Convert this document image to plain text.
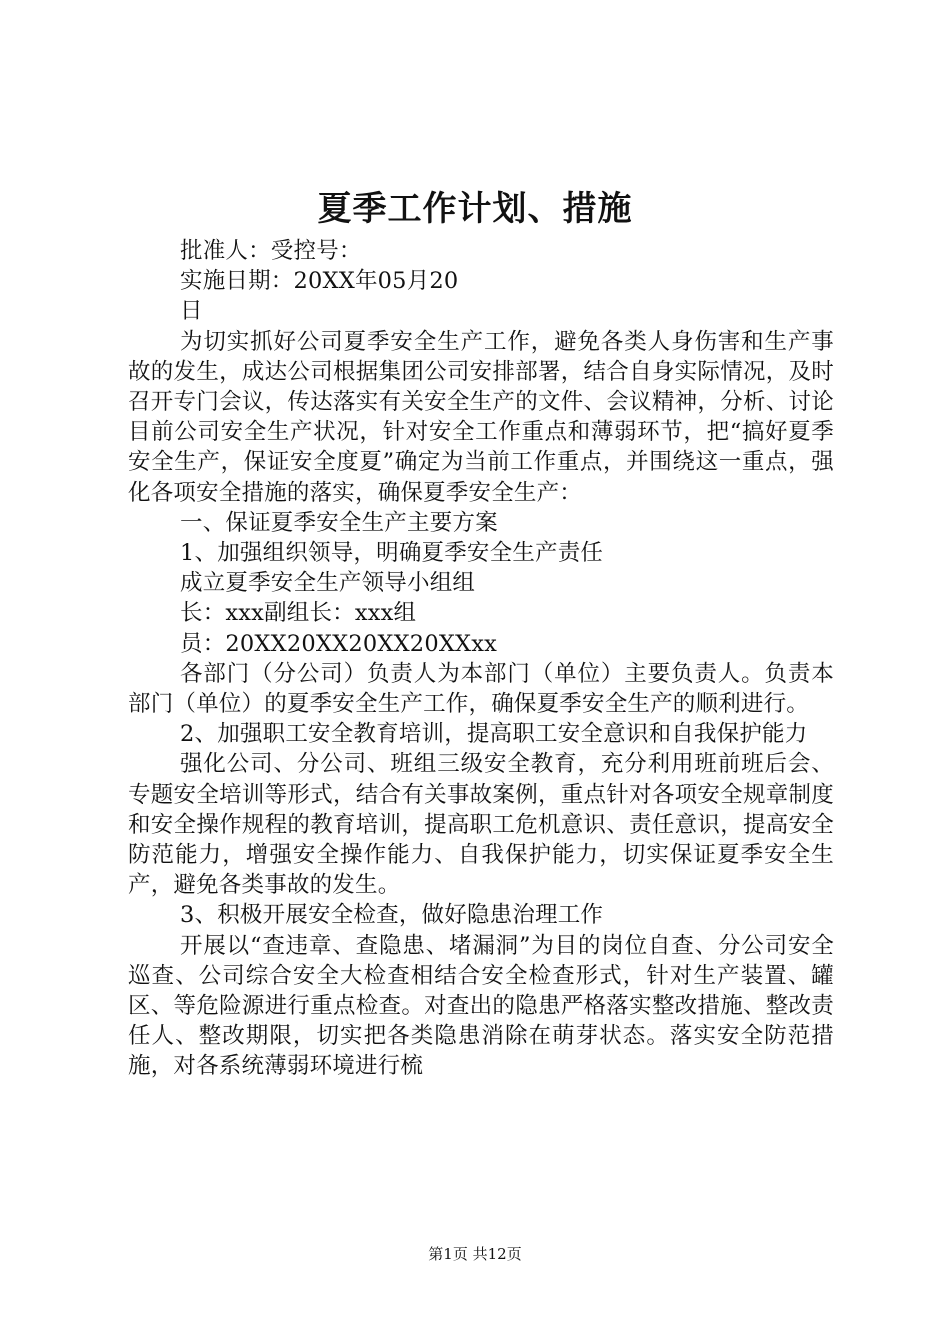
夏季工作计划、措施

批准人：受控号：

实施日期：20XX年05月20

日

为切实抓好公司夏季安全生产工作，避免各类人身伤害和生产事故的发生，成达公司根据集团公司安排部署，结合自身实际情况，及时召开专门会议，传达落实有关安全生产的文件、会议精神，分析、讨论目前公司安全生产状况，针对安全工作重点和薄弱环节，把“搞好夏季安全生产，保证安全度夏”确定为当前工作重点，并围绕这一重点，强化各项安全措施的落实，确保夏季安全生产：

一、保证夏季安全生产主要方案

1、加强组织领导，明确夏季安全生产责任

成立夏季安全生产领导小组组

长：xxx副组长：xxx组

员：20XX20XX20XX20XXxx

各部门（分公司）负责人为本部门（单位）主要负责人。负责本部门（单位）的夏季安全生产工作，确保夏季安全生产的顺利进行。

2、加强职工安全教育培训，提高职工安全意识和自我保护能力

强化公司、分公司、班组三级安全教育，充分利用班前班后会、专题安全培训等形式，结合有关事故案例，重点针对各项安全规章制度和安全操作规程的教育培训，提高职工危机意识、责任意识，提高安全防范能力，增强安全操作能力、自我保护能力，切实保证夏季安全生产，避免各类事故的发生。

3、积极开展安全检查，做好隐患治理工作

开展以“查违章、查隐患、堵漏洞”为目的岗位自查、分公司安全巡查、公司综合安全大检查相结合安全检查形式，针对生产装置、罐区、等危险源进行重点检查。对查出的隐患严格落实整改措施、整改责任人、整改期限，切实把各类隐患消除在萌芽状态。落实安全防范措施，对各系统薄弱环境进行梳

第1页 共12页
